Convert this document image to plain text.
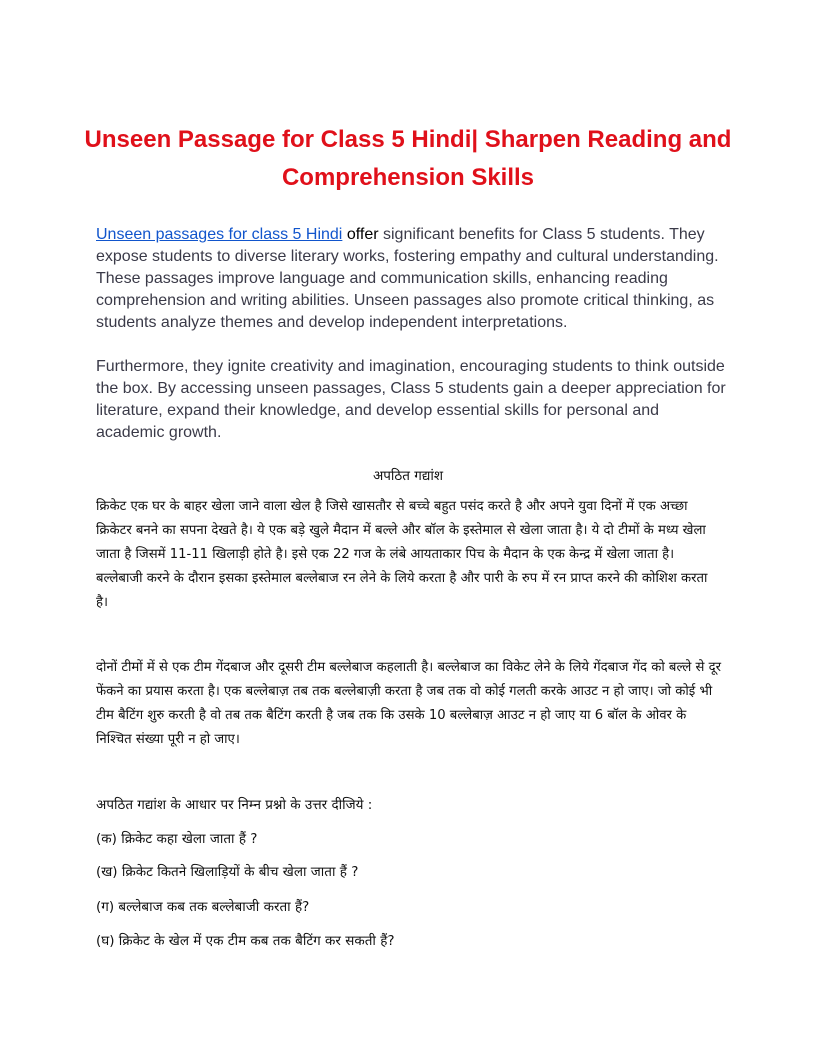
Unseen Passage for Class 5 Hindi| Sharpen Reading and Comprehension Skills

Unseen passages for class 5 Hindi offer significant benefits for Class 5 students. They expose students to diverse literary works, fostering empathy and cultural understanding. These passages improve language and communication skills, enhancing reading comprehension and writing abilities. Unseen passages also promote critical thinking, as students analyze themes and develop independent interpretations.

Furthermore, they ignite creativity and imagination, encouraging students to think outside the box. By accessing unseen passages, Class 5 students gain a deeper appreciation for literature, expand their knowledge, and develop essential skills for personal and academic growth.

अपठित गद्यांश

क्रिकेट एक घर के बाहर खेला जाने वाला खेल है जिसे खासतौर से बच्चे बहुत पसंद करते है और अपने युवा दिनों में एक अच्छा क्रिकेटर बनने का सपना देखते है। ये एक बड़े खुले मैदान में बल्ले और बॉल के इस्तेमाल से खेला जाता है। ये दो टीमों के मध्य खेला जाता है जिसमें 11-11 खिलाड़ी होते है। इसे एक 22 गज के लंबे आयताकार पिच के मैदान के एक केन्द्र में खेला जाता है। बल्लेबाजी करने के दौरान इसका इस्तेमाल बल्लेबाज रन लेने के लिये करता है और पारी के रुप में रन प्राप्त करने की कोशिश करता है।

दोनों टीमों में से एक टीम गेंदबाज और दूसरी टीम बल्लेबाज कहलाती है। बल्लेबाज का विकेट लेने के लिये गेंदबाज गेंद को बल्ले से दूर फेंकने का प्रयास करता है। एक बल्लेबाज़ तब तक बल्लेबाज़ी करता है जब तक वो कोई गलती करके आउट न हो जाए। जो कोई भी टीम बैटिंग शुरु करती है वो तब तक बैटिंग करती है जब तक कि उसके 10 बल्लेबाज़ आउट न हो जाए या 6 बॉल के ओवर के निश्चित संख्या पूरी न हो जाए।

अपठित गद्यांश के आधार पर निम्न प्रश्नो के उत्तर दीजिये :

(क) क्रिकेट कहा खेला जाता हैं ?

(ख) क्रिकेट कितने खिलाड़ियों के बीच खेला जाता हैं ?

(ग) बल्लेबाज कब तक बल्लेबाजी करता हैं?

(घ) क्रिकेट के खेल में एक टीम कब तक बैटिंग कर सकती हैं?
